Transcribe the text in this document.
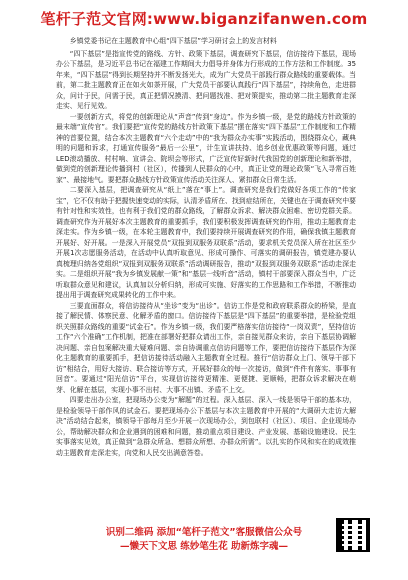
笔杆子范文官网:www.biganzifanwen.com

乡镇党委书记在主题教育中心组“四下基层”学习研讨会上的发言材料

“四下基层”是指宣传党的路线、方针、政策下基层，调查研究下基层，信访接待下基层，现场办公下基层，是习近平总书记在福建工作期间大力倡导并身体力行形成的工作方法和工作制度。35年来，“四下基层”得到长期坚持并不断发扬光大，成为广大党员干部践行群众路线的重要载体。当前，第二批主题教育正在如火如荼开展，广大党员干部要认真践行“四下基层”，持续角色，走进群众，问计于民，问需于民，真正把情况摸清、把问题找准、把对策提实，推动第二批主题教育走深走实、见行见效。

一要创新方式，将党的创新理论从“声音”传到“身边”。作为乡镇一级，是党的路线方针政策的最末端“宣传官”。我们要把“宣传党的路线方针政策下基层”摆在落实“四下基层”工作制度和工作精神的首要位置，结合本次主题教育“六个走动”中的“我为群众办实事”实践活动，围绕群众心，藏典明的问题和诉求，打通宣传服务“最后一公里”，计生宣讲扶持、追乡创业优惠政策等问题，通过LED滚动播放、村村响、宣讲会、院坝会等形式，广泛宣传好新时代我国党的创新理论和新举措，做到党的创新理论传播到村（社区），传播到人民群众的心中，真正让党的理论政策“飞入寻常百姓家”、最接地气。要把群众路线方针政策宣传活动关注深人、紧扣群众日常生活。

二要深入基层，把调查研究从“纸上”落在“事上”。调查研究是我们党做好各项工作的“传家宝”，它不仅有助于把握快速变动的实际，认清矛盾所在、找到症结所在，关键也在于调查研究中要有针对性和实效性，也有利于我们党的群众路线，了解群众诉求、解决群众困难、密切党群关系。调查研究作为开展好本次主题教育的重要抓手，我们要积极发挥调查研究的作用，推动主题教育走深走实。作为乡镇一级，在本轮主题教育中，我们要持续开展调查研究的作用，确保我镇主题教育开展好、好开展。一是深入开展党员“双报到双服务双联系”活动，要求机关党员深入所在社区至少开展1次志愿服务活动，在活动中认真听取意见、形成可操作、可落实的调研报告，镇党建办要认真梳理归纳各党组织“双报到双服务双联系”活动调研报告，推动“双报到双服务双联系”活动走深走实。二是组织开展“我为乡镇发展献一策”和“基层一线听音”活动，镇村干部要深入群众当中，广泛听取群众意见和建议，认真加以分析归纳，形成可实施、好落实的工作思路和工作举措，不断推动提出用于调查研究成果转化的工作中来。

三要直面群众，将信访接待从“坐诊”变为“出诊”。信访工作是党和政府联系群众的桥梁，是直接了解民情、体察民意、化解矛盾的窗口。信访接待下基层是“四下基层”的重要举措，是检验党组织关照群众路线的重要“试金石”。作为乡镇一级，我们要严格落实信访接待“一岗双责”，坚持信访工作“六个准确”工作机制，把准在部署好把群众请出工作，亲自接见群众来访，亲自下基层协调解决问题、亲自包案解决重大疑难问题、亲自协调重点信访问题等工作，要把信访接待下基层作为深化主题教育的重要抓手，把信访接待活动融入主题教育全过程。推行“信访群众上门、领导干部下访”相结合，用好大接访、联合接访等方式，开展好群众的每一次接访，做到“件件有落实、事事有回音”。要通过“阳光信访”平台，实现信访接待更精准、更便捷、更顺畅，把群众诉求解决在萌芽、化解在基层，实现小事不出村、大事不出镇、矛盾不上交。

四要走出办公室，把现场办公变为“解题”的过程。深入基层、深入一线是领导干部的基本功，是检验领导干部作风的试金石。要把现场办公下基层与本次主题教育中开展的“大调研大走访大解决”活动结合起来，镇领导干部每月至少开展一次现场办公，到包联村（社区）、项目、企业现场办公，帮助解决群众和企业遇到的困难和问题，推动重点项目建设、产业发展、基础设施建设、民生实事落实见效，真正做到“急群众所急、想群众所想、办群众所需”。以扎实的作风和实在的成效推动主题教育走深走实，向党和人民交出满意答卷。

识别二维码 添加“笔杆子范文”客服微信公众号
—懒天下文思 练妙笔生花 助新炼字魂—
